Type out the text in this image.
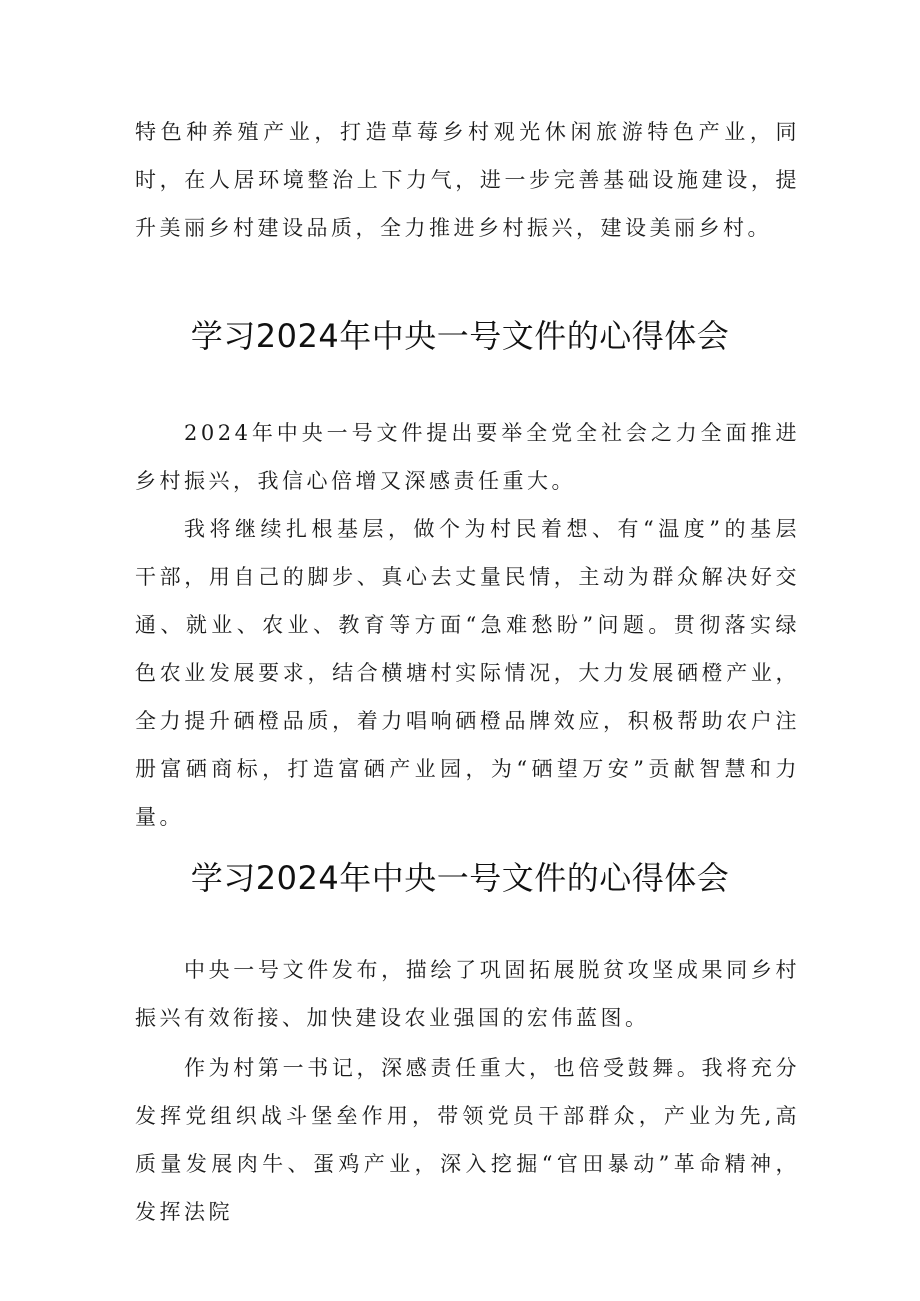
特色种养殖产业，打造草莓乡村观光休闲旅游特色产业，同时，在人居环境整治上下力气，进一步完善基础设施建设，提升美丽乡村建设品质，全力推进乡村振兴，建设美丽乡村。

学习2024年中央一号文件的心得体会

2024年中央一号文件提出要举全党全社会之力全面推进乡村振兴，我信心倍增又深感责任重大。

我将继续扎根基层，做个为村民着想、有“温度”的基层干部，用自己的脚步、真心去丈量民情，主动为群众解决好交通、就业、农业、教育等方面“急难愁盼”问题。贯彻落实绿色农业发展要求，结合横塘村实际情况，大力发展硒橙产业，全力提升硒橙品质，着力唱响硒橙品牌效应，积极帮助农户注册富硒商标，打造富硒产业园，为“硒望万安”贡献智慧和力量。

学习2024年中央一号文件的心得体会

中央一号文件发布，描绘了巩固拓展脱贫攻坚成果同乡村振兴有效衔接、加快建设农业强国的宏伟蓝图。

作为村第一书记，深感责任重大，也倍受鼓舞。我将充分发挥党组织战斗堡垒作用，带领党员干部群众，产业为先,高质量发展肉牛、蛋鸡产业，深入挖掘“官田暴动”革命精神，发挥法院
